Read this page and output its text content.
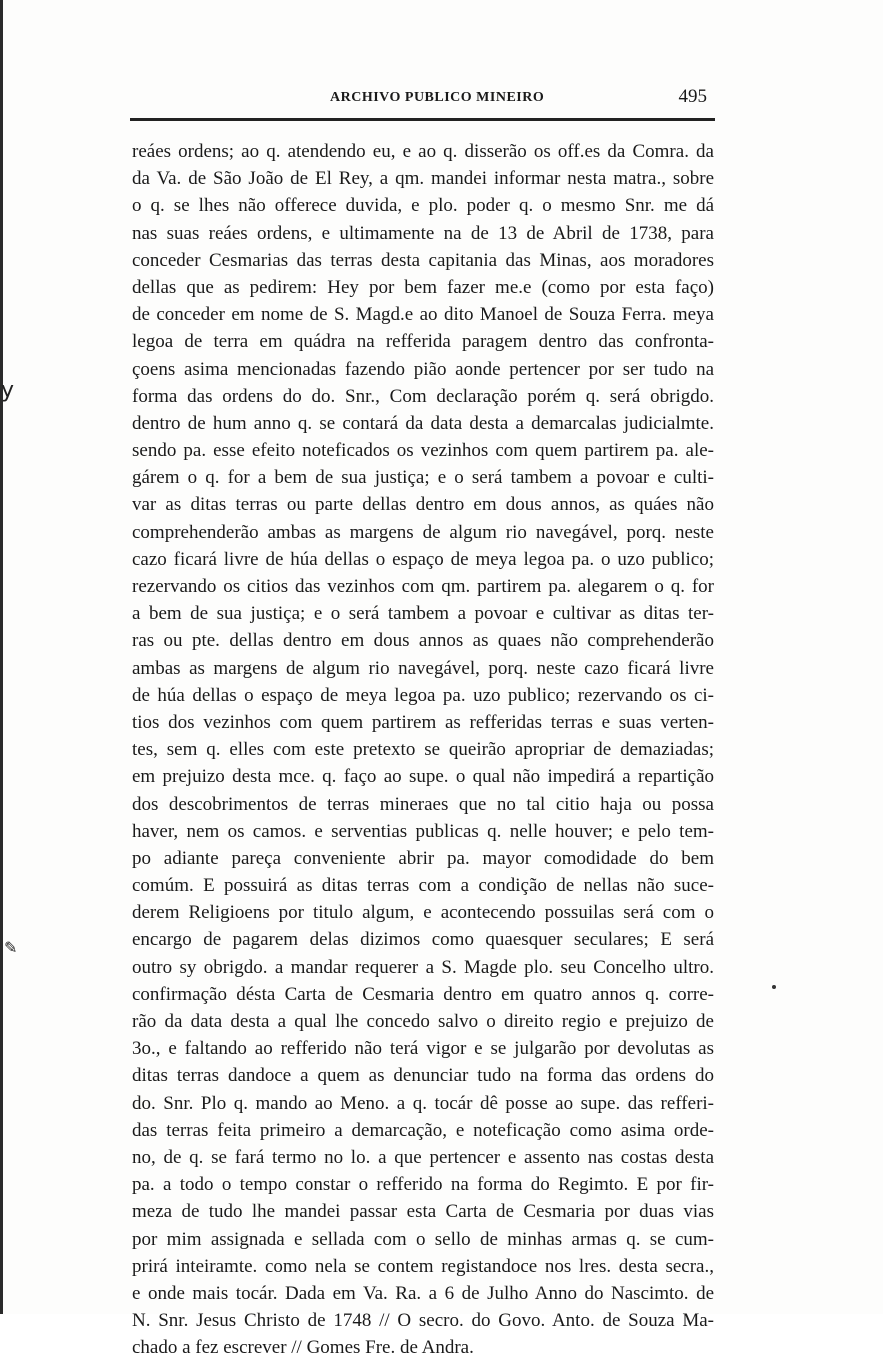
ARCHIVO PUBLICO MINEIRO	495
reáes ordens; ao q. atendendo eu, e ao q. disserão os off.es da Comra. da
da Va. de São João de El Rey, a qm. mandei informar nesta matra., sobre
o q. se lhes não offerece duvida, e plo. poder q. o mesmo Snr. me dá
nas suas reáes ordens, e ultimamente na de 13 de Abril de 1738, para
conceder Cesmarias das terras desta capitania das Minas, aos moradores
dellas que as pedirem: Hey por bem fazer me.e (como por esta faço)
de conceder em nome de S. Magd.e ao dito Manoel de Souza Ferra. meya
legoa de terra em quádra na refferida paragem dentro das confronta-
çoens asima mencionadas fazendo pião aonde pertencer por ser tudo na
forma das ordens do do. Snr., Com declaração porém q. será obrigdo.
dentro de hum anno q. se contará da data desta a demarcalas judicialmte.
sendo pa. esse efeito noteficados os vezinhos com quem partirem pa. ale-
gárem o q. for a bem de sua justiça; e o será tambem a povoar e culti-
var as ditas terras ou parte dellas dentro em dous annos, as quáes não
comprehenderão ambas as margens de algum rio navegável, porq. neste
cazo ficará livre de húa dellas o espaço de meya legoa pa. o uzo publico;
rezervando os citios das vezinhos com qm. partirem pa. alegarem o q. for
a bem de sua justiça; e o será tambem a povoar e cultivar as ditas ter-
ras ou pte. dellas dentro em dous annos as quaes não comprehenderão
ambas as margens de algum rio navegável, porq. neste cazo ficará livre
de húa dellas o espaço de meya legoa pa. uzo publico; rezervando os ci-
tios dos vezinhos com quem partirem as refferidas terras e suas verten-
tes, sem q. elles com este pretexto se queirão apropriar de demaziadas;
em prejuizo desta mce. q. faço ao supe. o qual não impedirá a repartição
dos descobrimentos de terras mineraes que no tal citio haja ou possa
haver, nem os camos. e serventias publicas q. nelle houver; e pelo tem-
po adiante pareça conveniente abrir pa. mayor comodidade do bem
comúm. E possuirá as ditas terras com a condição de nellas não suce-
derem Religioens por titulo algum, e acontecendo possuilas será com o
encargo de pagarem delas dizimos como quaesquer seculares; E será
outro sy obrigdo. a mandar requerer a S. Magde plo. seu Concelho ultro.
confirmação désta Carta de Cesmaria dentro em quatro annos q. corre-
rão da data desta a qual lhe concedo salvo o direito regio e prejuizo de
3o., e faltando ao refferido não terá vigor e se julgarão por devolutas as
ditas terras dandoce a quem as denunciar tudo na forma das ordens do
do. Snr. Plo q. mando ao Meno. a q. tocár dê posse ao supe. das refferi-
das terras feita primeiro a demarcação, e noteficação como asima orde-
no, de q. se fará termo no lo. a que pertencer e assento nas costas desta
pa. a todo o tempo constar o refferido na forma do Regimto. E por fir-
meza de tudo lhe mandei passar esta Carta de Cesmaria por duas vias
por mim assignada e sellada com o sello de minhas armas q. se cum-
prirá inteiramte. como nela se contem registandoce nos lres. desta secra.,
e onde mais tocár. Dada em Va. Ra. a 6 de Julho Anno do Nascimto. de
N. Snr. Jesus Christo de 1748 // O secro. do Govo. Anto. de Souza Ma-
chado a fez escrever // Gomes Fre. de Andra.
y
✎
